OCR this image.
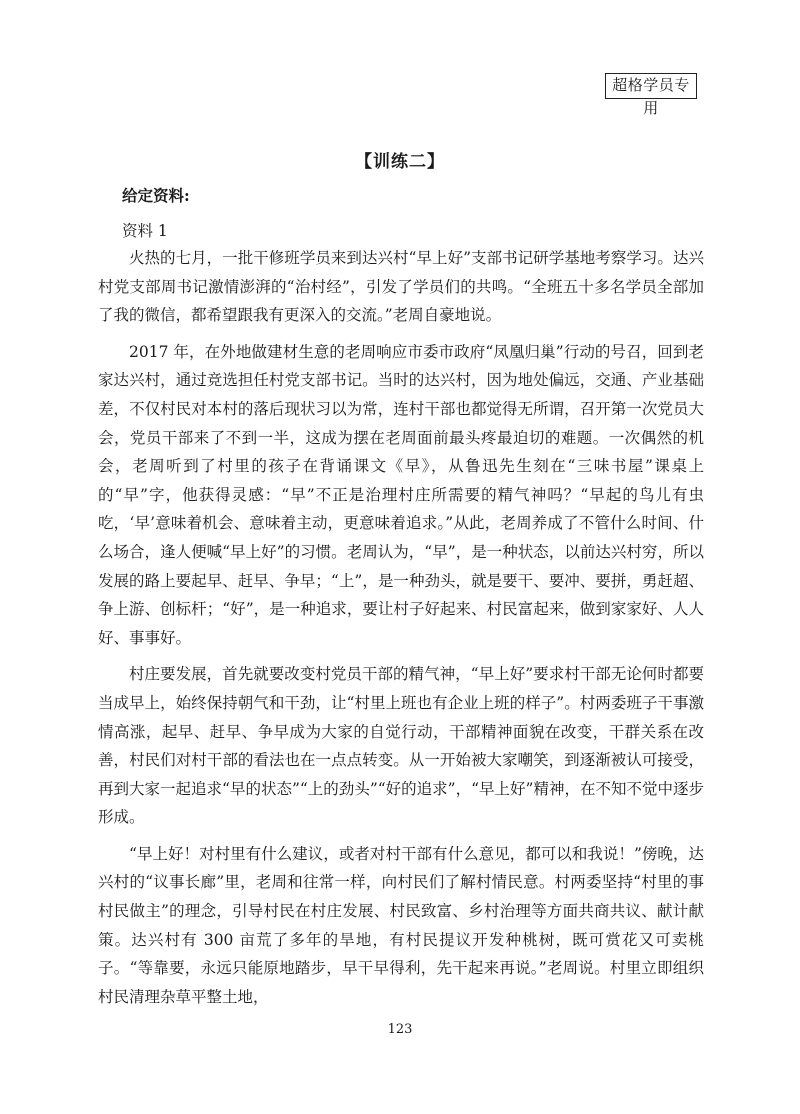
超格学员专用
【训练二】
给定资料:
资料 1

火热的七月，一批干修班学员来到达兴村“早上好”支部书记研学基地考察学习。达兴村党支部周书记激情澎湃的“治村经”，引发了学员们的共鸣。“全班五十多名学员全部加了我的微信，都希望跟我有更深入的交流。”老周自豪地说。

2017 年，在外地做建材生意的老周响应市委市政府“凤凰归巢”行动的号召，回到老家达兴村，通过竞选担任村党支部书记。当时的达兴村，因为地处偏远，交通、产业基础差，不仅村民对本村的落后现状习以为常，连村干部也都觉得无所谓，召开第一次党员大会，党员干部来了不到一半，这成为摆在老周面前最头疼最迫切的难题。一次偶然的机会，老周听到了村里的孩子在背诵课文《早》，从鲁迅先生刻在“三味书屋”课桌上的“早”字，他获得灵感：“早”不正是治理村庄所需要的精气神吗？“早起的鸟儿有虫吃，‘早’意味着机会、意味着主动，更意味着追求。”从此，老周养成了不管什么时间、什么场合，逢人便喊“早上好”的习惯。老周认为，“早”，是一种状态，以前达兴村穷，所以发展的路上要起早、赶早、争早；“上”，是一种劲头，就是要干、要冲、要拼，勇赶超、争上游、创标杆；“好”，是一种追求，要让村子好起来、村民富起来，做到家家好、人人好、事事好。

村庄要发展，首先就要改变村党员干部的精气神，“早上好”要求村干部无论何时都要当成早上，始终保持朝气和干劲，让“村里上班也有企业上班的样子”。村两委班子干事激情高涨，起早、赶早、争早成为大家的自觉行动，干部精神面貌在改变，干群关系在改善，村民们对村干部的看法也在一点点转变。从一开始被大家嘲笑，到逐渐被认可接受，再到大家一起追求“早的状态”“上的劲头”“好的追求”，“早上好”精神，在不知不觉中逐步形成。

“早上好！对村里有什么建议，或者对村干部有什么意见，都可以和我说！”傍晚，达兴村的“议事长廊”里，老周和往常一样，向村民们了解村情民意。村两委坚持“村里的事村民做主”的理念，引导村民在村庄发展、村民致富、乡村治理等方面共商共议、献计献策。达兴村有 300 亩荒了多年的旱地，有村民提议开发种桃树，既可赏花又可卖桃子。“等靠要，永远只能原地踏步，早干早得利，先干起来再说。”老周说。村里立即组织村民清理杂草平整土地，

123
